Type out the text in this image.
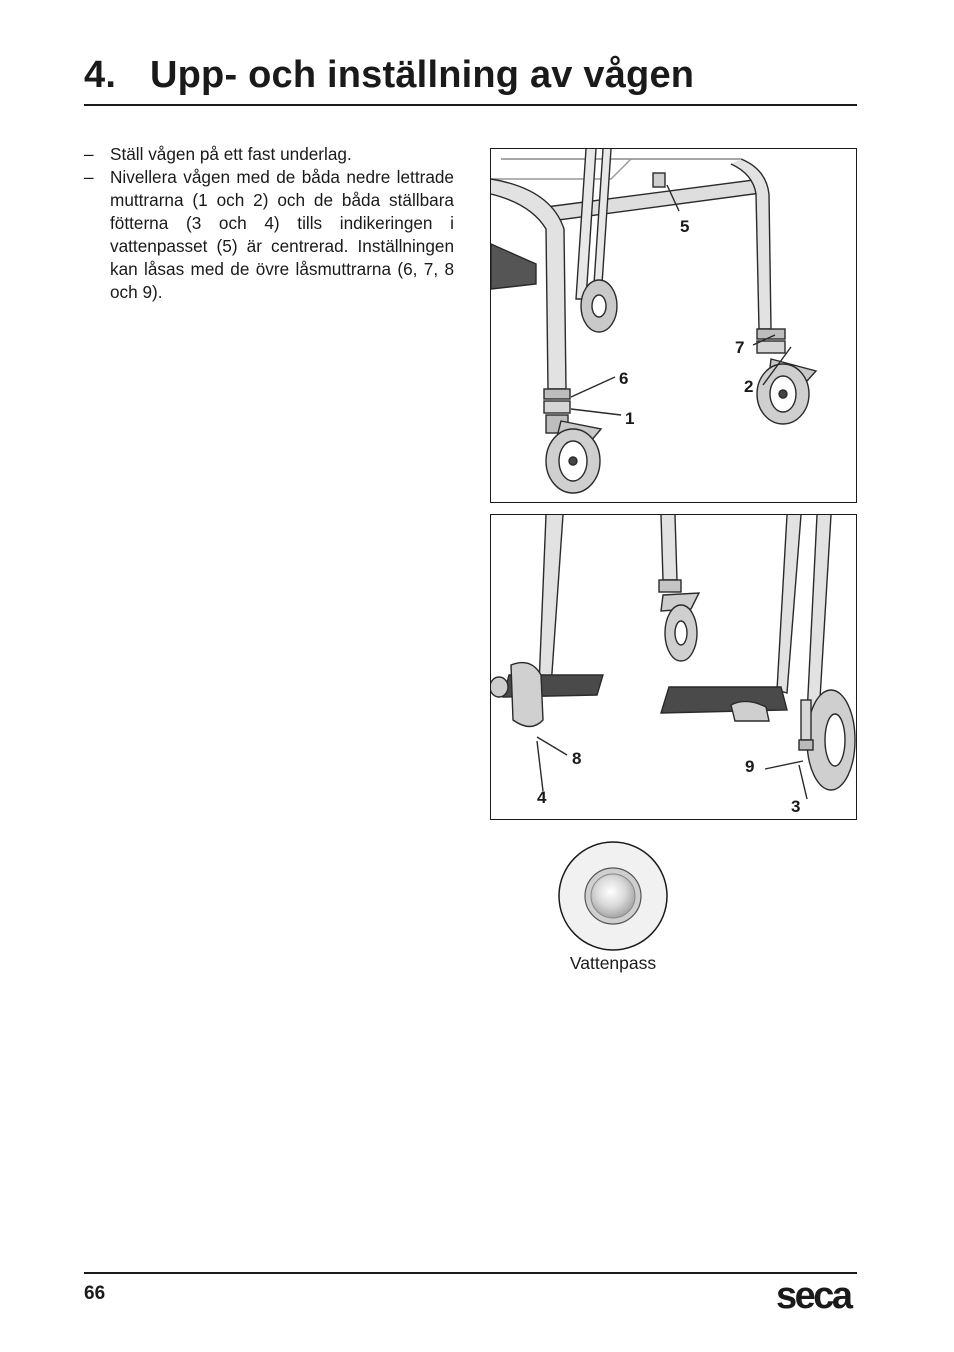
4. Upp- och inställning av vågen
– Ställ vågen på ett fast underlag.
– Nivellera vågen med de båda nedre lettrade muttrarna (1 och 2) och de båda ställbara fötterna (3 och 4) tills indikeringen i vattenpasset (5) är centrerad. Inställningen kan låsas med de övre låsmuttrarna (6, 7, 8 och 9).
5
7
6	2
1
8	9
4	3
Vattenpass
66	seca
